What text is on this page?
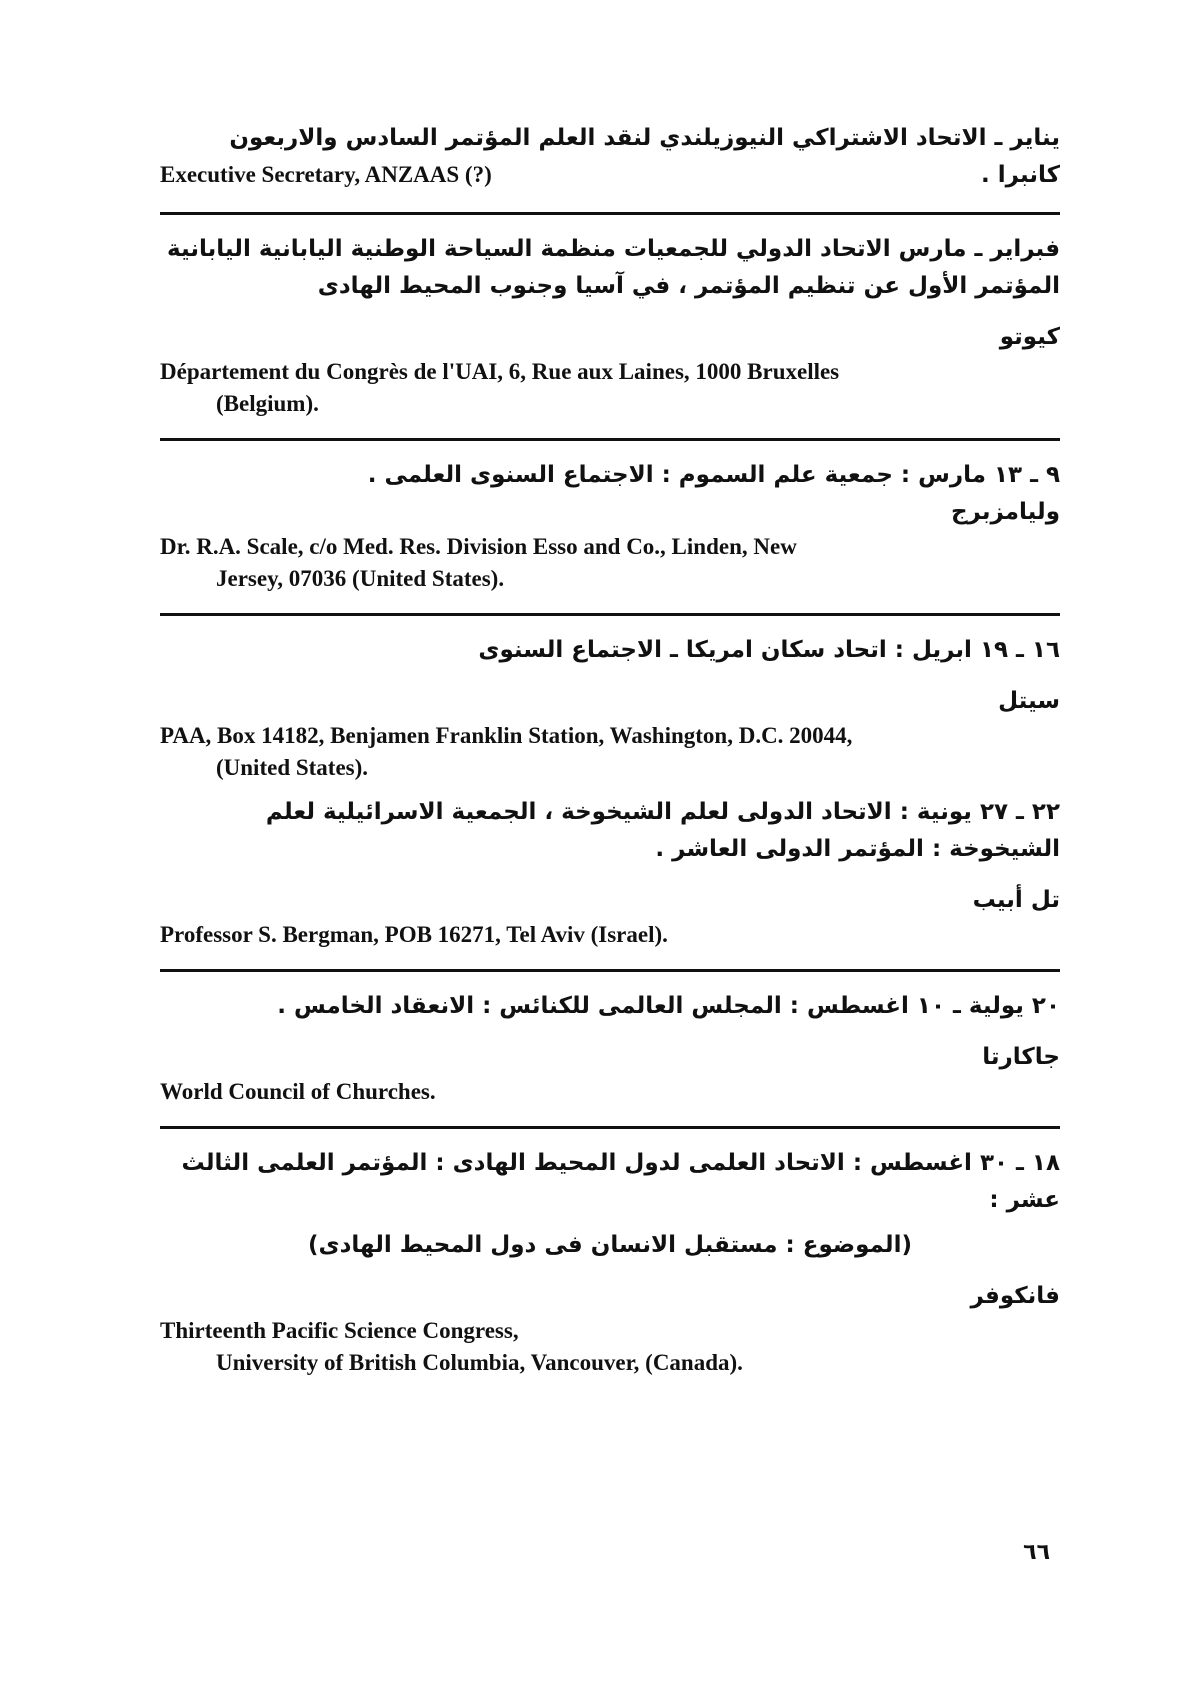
يناير ـ الاتحاد الاشتراكي النيوزيلندي لنقد العلم المؤتمر السادس والاربعون
Executive Secretary, ANZAAS (?)	كانبرا .
فبراير ـ مارس الاتحاد الدولي للجمعيات منظمة السياحة الوطنية اليابانية اليابانية المؤتمر الأول عن تنظيم المؤتمر ، في آسيا وجنوب المحيط الهادى
كيوتو
Département du Congrès de l'UAI, 6, Rue aux Laines, 1000 Bruxelles
(Belgium).
٩ ـ ١٣ مارس : جمعية علم السموم : الاجتماع السنوى العلمى .
وليامزبرج
Dr. R.A. Scale, c/o Med. Res. Division Esso and Co., Linden, New
Jersey, 07036 (United States).
١٦ ـ ١٩ ابريل : اتحاد سكان امريكا ـ الاجتماع السنوى
سيتل
PAA, Box 14182, Benjamen Franklin Station, Washington, D.C. 20044,
(United States).
٢٢ ـ ٢٧ يونية : الاتحاد الدولى لعلم الشيخوخة ، الجمعية الاسرائيلية لعلم الشيخوخة : المؤتمر الدولى العاشر .
تل أبيب
Professor S. Bergman, POB 16271, Tel Aviv (Israel).
٢٠ يولية ـ ١٠ اغسطس : المجلس العالمى للكنائس : الانعقاد الخامس .
جاكارتا
World Council of Churches.
١٨ ـ ٣٠ اغسطس : الاتحاد العلمى لدول المحيط الهادى : المؤتمر العلمى الثالث عشر :
(الموضوع : مستقبل الانسان فى دول المحيط الهادى)
فانكوفر
Thirteenth Pacific Science Congress,
University of British Columbia, Vancouver, (Canada).
٦٦
